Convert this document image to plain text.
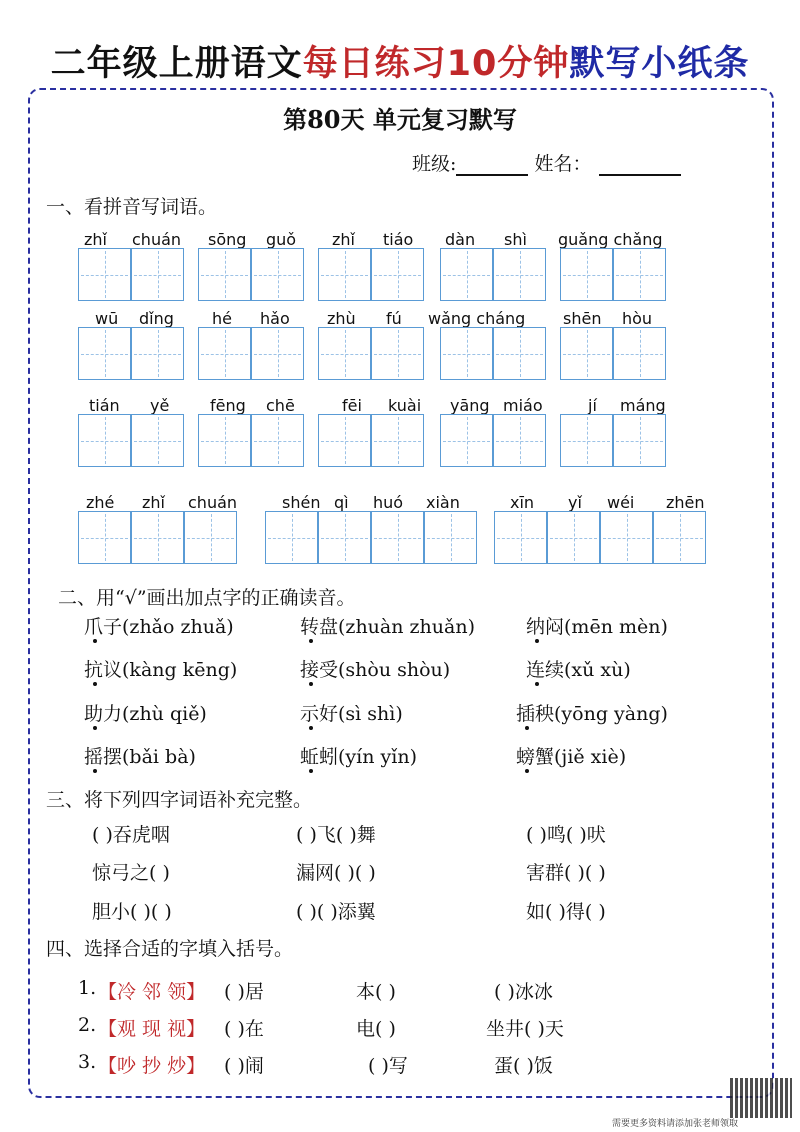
二年级上册语文每日练习10分钟默写小纸条
第80天 单元复习默写
班级:	姓名：
一、看拼音写词语。
zhǐ chuán sōng guǒ zhǐ tiáo dàn shì guǎng chǎng
wū dǐng hé hǎo zhù fú wǎng cháng shēn hòu
tián yě	fēng chē	fēi kuài yāng miáo	jí máng
zhé zhǐ chuán	shén qì huó xiàn	xīn yǐ wéi zhēn
二、用“√”画出加点字的正确读音。
爪子(zhǎo zhuǎ)	转盘(zhuàn zhuǎn)	纳闷(mēn mèn)
抗议(kàng kēng)	接受(shòu shòu)	连续(xǔ xù)
助力(zhù qiě)	示好(sì shì)	插秧(yōng yàng)
摇摆(bǎi bà)	蚯蚓(yín yǐn)	螃蟹(jiě xiè)
三、将下列四字词语补充完整。
( )吞虎咽	( )飞( )舞	( )鸣( )吠
惊弓之( )	漏网( )( )	害群( )( )
胆小( )( )	( )( )添翼	如( )得( )
四、选择合适的字填入括号。
1. 【冷 邻 领】 ( )居	本( )	( )冰冰
2. 【观 现 视】 ( )在	电( )	坐井( )天
3. 【吵 抄 炒】 ( )闹	( )写	蛋( )饭
需要更多资料请添加张老师领取
